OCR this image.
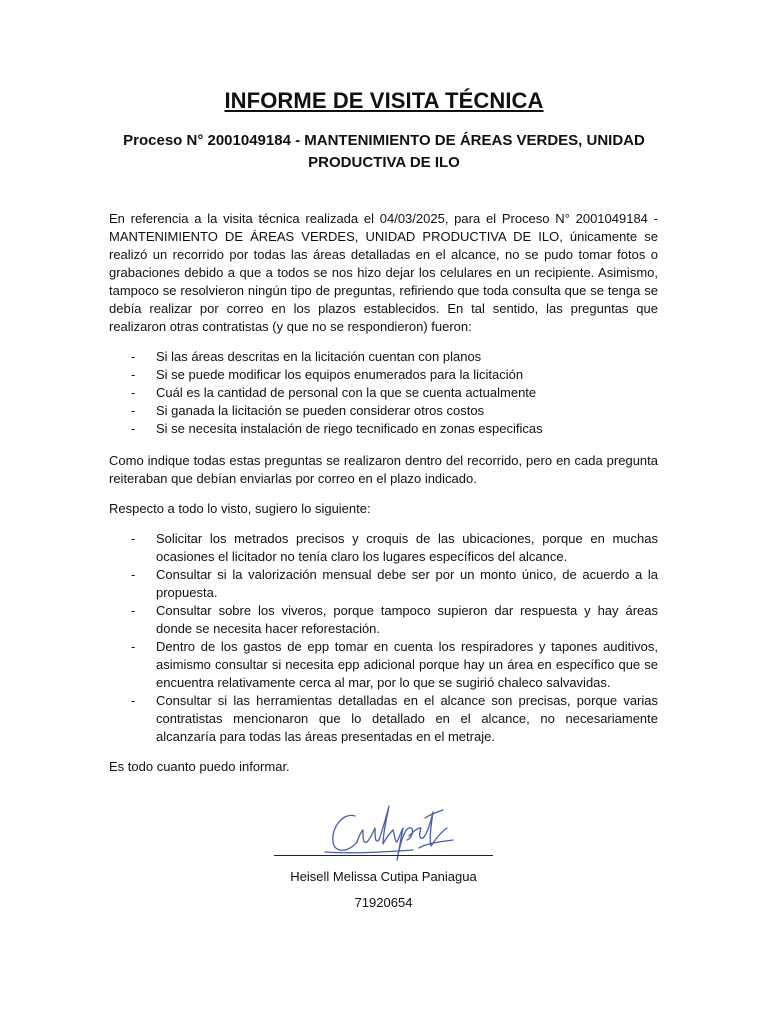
INFORME DE VISITA TÉCNICA
Proceso N° 2001049184 - MANTENIMIENTO DE ÁREAS VERDES, UNIDAD PRODUCTIVA DE ILO

En referencia a la visita técnica realizada el 04/03/2025, para el Proceso N° 2001049184 - MANTENIMIENTO DE ÁREAS VERDES, UNIDAD PRODUCTIVA DE ILO, únicamente se realizó un recorrido por todas las áreas detalladas en el alcance, no se pudo tomar fotos o grabaciones debido a que a todos se nos hizo dejar los celulares en un recipiente. Asimismo, tampoco se resolvieron ningún tipo de preguntas, refiriendo que toda consulta que se tenga se debía realizar por correo en los plazos establecidos. En tal sentido, las preguntas que realizaron otras contratistas (y que no se respondieron) fueron:

- Si las áreas descritas en la licitación cuentan con planos
- Si se puede modificar los equipos enumerados para la licitación
- Cuál es la cantidad de personal con la que se cuenta actualmente
- Si ganada la licitación se pueden considerar otros costos
- Si se necesita instalación de riego tecnificado en zonas especificas

Como indique todas estas preguntas se realizaron dentro del recorrido, pero en cada pregunta reiteraban que debían enviarlas por correo en el plazo indicado.

Respecto a todo lo visto, sugiero lo siguiente:

- Solicitar los metrados precisos y croquis de las ubicaciones, porque en muchas ocasiones el licitador no tenía claro los lugares específicos del alcance.
- Consultar si la valorización mensual debe ser por un monto único, de acuerdo a la propuesta.
- Consultar sobre los viveros, porque tampoco supieron dar respuesta y hay áreas donde se necesita hacer reforestación.
- Dentro de los gastos de epp tomar en cuenta los respiradores y tapones auditivos, asimismo consultar si necesita epp adicional porque hay un área en específico que se encuentra relativamente cerca al mar, por lo que se sugirió chaleco salvavidas.
- Consultar si las herramientas detalladas en el alcance son precisas, porque varias contratistas mencionaron que lo detallado en el alcance, no necesariamente alcanzaría para todas las áreas presentadas en el metraje.
Es todo cuanto puedo informar.
Cutipa
Heisell Melissa Cutipa Paniagua
71920654
